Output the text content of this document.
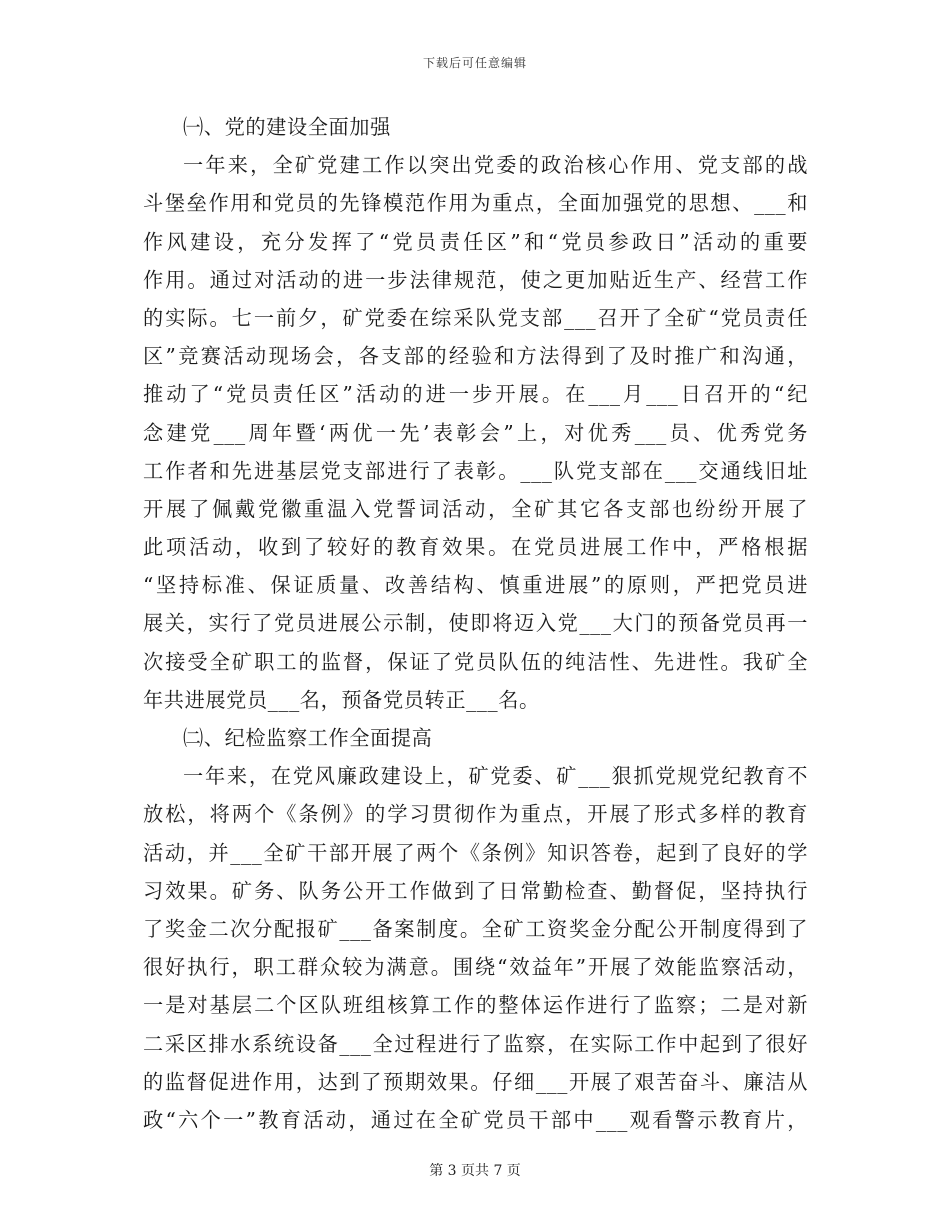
下载后可任意编辑
㈠、党的建设全面加强
一年来，全矿党建工作以突出党委的政治核心作用、党支部的战
斗堡垒作用和党员的先锋模范作用为重点，全面加强党的思想、___和
作风建设，充分发挥了“党员责任区”和“党员参政日”活动的重要
作用。通过对活动的进一步法律规范，使之更加贴近生产、经营工作
的实际。七一前夕，矿党委在综采队党支部___召开了全矿“党员责任
区”竞赛活动现场会，各支部的经验和方法得到了及时推广和沟通，
推动了“党员责任区”活动的进一步开展。在___月___日召开的“纪
念建党___周年暨‘两优一先’表彰会”上，对优秀___员、优秀党务
工作者和先进基层党支部进行了表彰。___队党支部在___交通线旧址
开展了佩戴党徽重温入党誓词活动，全矿其它各支部也纷纷开展了
此项活动，收到了较好的教育效果。在党员进展工作中，严格根据
“坚持标准、保证质量、改善结构、慎重进展”的原则，严把党员进
展关，实行了党员进展公示制，使即将迈入党___大门的预备党员再一
次接受全矿职工的监督，保证了党员队伍的纯洁性、先进性。我矿全
年共进展党员___名，预备党员转正___名。
㈡、纪检监察工作全面提高
一年来，在党风廉政建设上，矿党委、矿___狠抓党规党纪教育不
放松，将两个《条例》的学习贯彻作为重点，开展了形式多样的教育
活动，并___全矿干部开展了两个《条例》知识答卷，起到了良好的学
习效果。矿务、队务公开工作做到了日常勤检查、勤督促，坚持执行
了奖金二次分配报矿___备案制度。全矿工资奖金分配公开制度得到了
很好执行，职工群众较为满意。围绕“效益年”开展了效能监察活动，
一是对基层二个区队班组核算工作的整体运作进行了监察；二是对新
二采区排水系统设备___全过程进行了监察，在实际工作中起到了很好
的监督促进作用，达到了预期效果。仔细___开展了艰苦奋斗、廉洁从
政“六个一”教育活动，通过在全矿党员干部中___观看警示教育片，
第 3 页共 7 页
